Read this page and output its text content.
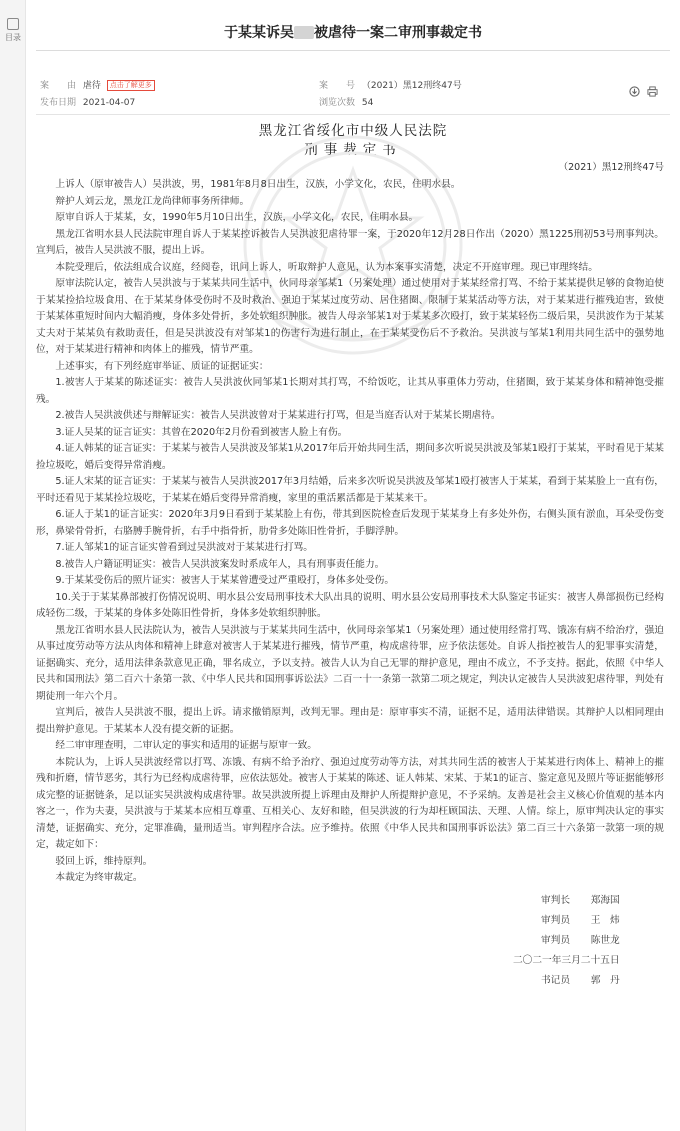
目录	于某某诉吴 被虐待一案二审刑事裁定书
案　　由 虐待 点击了解更多	案　　号 （2021）黑12刑终47号
发布日期 2021-04-07	浏览次数 54

黑龙江省绥化市中级人民法院
刑事裁定书
（2021）黑12刑终47号

上诉人（原审被告人）吴洪波，男，1981年8月8日出生，汉族，小学文化，农民，住明水县。

辩护人刘云龙，黑龙江龙尚律师事务所律师。

原审自诉人于某某，女，1990年5月10日出生，汉族，小学文化，农民，住明水县。

黑龙江省明水县人民法院审理自诉人于某某控诉被告人吴洪波犯虐待罪一案，于2020年12月28日作出（2020）黑1225刑初53号刑事判决。宣判后，被告人吴洪波不服，提出上诉。

本院受理后，依法组成合议庭，经阅卷，讯问上诉人，听取辩护人意见，认为本案事实清楚，决定不开庭审理。现已审理终结。

原审法院认定，被告人吴洪波与于某某共同生活中，伙同母亲邹某1（另案处理）通过使用对于某某经常打骂、不给于某某提供足够的食物迫使于某某捡拾垃圾食用、在于某某身体受伤时不及时救治、强迫于某某过度劳动、居住猪圈、限制于某某活动等方法，对于某某进行摧残迫害，致使于某某体重短时间内大幅消瘦，身体多处骨折，多处软组织肿胀。被告人母亲邹某1对于某某多次殴打，致于某某轻伤二级后果，吴洪波作为于某某丈夫对于某某负有救助责任，但是吴洪波没有对邹某1的伤害行为进行制止，在于某某受伤后不予救治。吴洪波与邹某1利用共同生活中的强势地位，对于某某进行精神和肉体上的摧残，情节严重。

上述事实，有下列经庭审举证、质证的证据证实：

1.被害人于某某的陈述证实：被告人吴洪波伙同邹某1长期对其打骂，不给饭吃，让其从事重体力劳动，住猪圈，致于某某身体和精神饱受摧残。

2.被告人吴洪波供述与辩解证实：被告人吴洪波曾对于某某进行打骂，但是当庭否认对于某某长期虐待。

3.证人吴某的证言证实：其曾在2020年2月份看到被害人脸上有伤。

4.证人韩某的证言证实：于某某与被告人吴洪波及邹某1从2017年后开始共同生活，期间多次听说吴洪波及邹某1殴打于某某，平时看见于某某捡垃圾吃，婚后变得异常消瘦。

5.证人宋某的证言证实：于某某与被告人吴洪波2017年3月结婚，后来多次听说吴洪波及邹某1殴打被害人于某某，看到于某某脸上一直有伤，平时还看见于某某捡垃圾吃，于某某在婚后变得异常消瘦，家里的重活累活都是于某某来干。

6.证人于某1的证言证实：2020年3月9日看到于某某脸上有伤，带其到医院检查后发现于某某身上有多处外伤，右侧头顶有淤血，耳朵受伤变形，鼻梁骨骨折，右胳膊手腕骨折，右手中指骨折，肋骨多处陈旧性骨折，手脚浮肿。

7.证人邹某1的证言证实曾看到过吴洪波对于某某进行打骂。

8.被告人户籍证明证实：被告人吴洪波案发时系成年人，具有刑事责任能力。

9.于某某受伤后的照片证实：被害人于某某曾遭受过严重殴打，身体多处受伤。

10.关于于某某鼻部被打伤情况说明、明水县公安局刑事技术大队出具的说明、明水县公安局刑事技术大队鉴定书证实：被害人鼻部损伤已经构成轻伤二级，于某某的身体多处陈旧性骨折，身体多处软组织肿胀。

黑龙江省明水县人民法院认为，被告人吴洪波与于某某共同生活中，伙同母亲邹某1（另案处理）通过使用经常打骂、饿冻有病不给治疗，强迫从事过度劳动等方法从肉体和精神上肆意对被害人于某某进行摧残，情节严重，构成虐待罪，应予依法惩处。自诉人指控被告人的犯罪事实清楚，证据确实、充分，适用法律条款意见正确，罪名成立，予以支持。被告人认为自己无罪的辩护意见，理由不成立，不予支持。据此，依照《中华人民共和国刑法》第二百六十条第一款、《中华人民共和国刑事诉讼法》二百一十一条第一款第二项之规定，判决认定被告人吴洪波犯虐待罪，判处有期徒刑一年六个月。

宣判后，被告人吴洪波不服，提出上诉。请求撤销原判，改判无罪。理由是：原审事实不清，证据不足，适用法律错误。其辩护人以相同理由提出辩护意见。于某某本人没有提交新的证据。

经二审审理查明，二审认定的事实和适用的证据与原审一致。

本院认为，上诉人吴洪波经常以打骂、冻饿、有病不给予治疗、强迫过度劳动等方法，对其共同生活的被害人于某某进行肉体上、精神上的摧残和折磨，情节恶劣，其行为已经构成虐待罪，应依法惩处。被害人于某某的陈述、证人韩某、宋某、于某1的证言、鉴定意见及照片等证据能够形成完整的证据链条，足以证实吴洪波构成虐待罪。故吴洪波所提上诉理由及辩护人所提辩护意见，不予采纳。友善是社会主义核心价值观的基本内容之一，作为夫妻，吴洪波与于某某本应相互尊重、互相关心、友好和睦，但吴洪波的行为却枉顾国法、天理、人情。综上，原审判决认定的事实清楚，证据确实、充分，定罪准确，量刑适当。审判程序合法。应予维持。依照《中华人民共和国刑事诉讼法》第二百三十六条第一款第一项的规定，裁定如下：

驳回上诉，维持原判。

本裁定为终审裁定。

审判长　 郑海国
审判员　 王　炜
审判员　 陈世龙
二〇二一年三月二十五日
书记员　 郭　丹
